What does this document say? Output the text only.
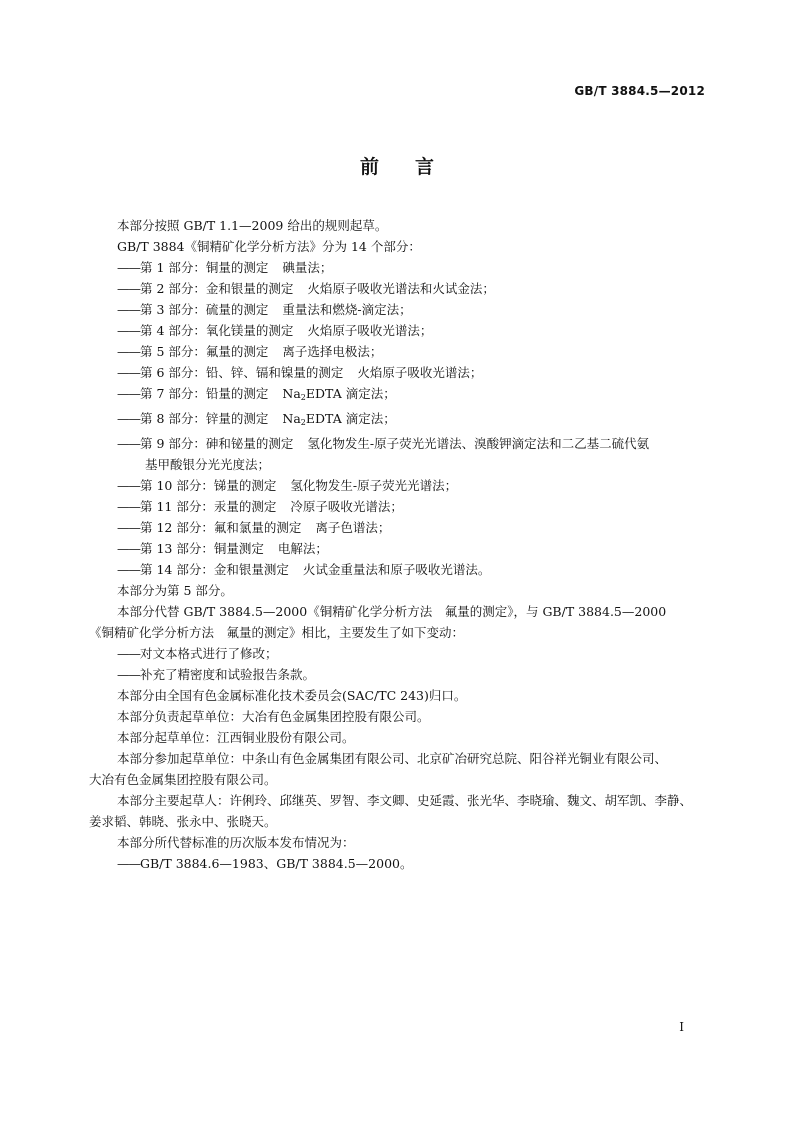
GB/T 3884.5—2012
前 言

本部分按照 GB/T 1.1—2009 给出的规则起草。

GB/T 3884《铜精矿化学分析方法》分为 14 个部分：

——第 1 部分：铜量的测定 碘量法；

——第 2 部分：金和银量的测定 火焰原子吸收光谱法和火试金法；

——第 3 部分：硫量的测定 重量法和燃烧-滴定法；

——第 4 部分：氧化镁量的测定 火焰原子吸收光谱法；

——第 5 部分：氟量的测定 离子选择电极法；

——第 6 部分：铅、锌、镉和镍量的测定 火焰原子吸收光谱法；

——第 7 部分：铅量的测定 $Na_2EDTA$ 滴定法；

——第 8 部分：锌量的测定 $Na_2EDTA$ 滴定法；

——第 9 部分：砷和铋量的测定 氢化物发生-原子荧光光谱法、溴酸钾滴定法和二乙基二硫代氨
基甲酸银分光光度法；

——第 10 部分：锑量的测定 氢化物发生-原子荧光光谱法；

——第 11 部分：汞量的测定 冷原子吸收光谱法；

——第 12 部分：氟和氯量的测定 离子色谱法；

——第 13 部分：铜量测定 电解法；

——第 14 部分：金和银量测定 火试金重量法和原子吸收光谱法。

本部分为第 5 部分。

本部分代替 GB/T 3884.5—2000《铜精矿化学分析方法　氟量的测定》，与 GB/T 3884.5—2000

《铜精矿化学分析方法　氟量的测定》相比，主要发生了如下变动：

——对文本格式进行了修改；

——补充了精密度和试验报告条款。

本部分由全国有色金属标准化技术委员会(SAC/TC 243)归口。

本部分负责起草单位：大冶有色金属集团控股有限公司。

本部分起草单位：江西铜业股份有限公司。

本部分参加起草单位：中条山有色金属集团有限公司、北京矿冶研究总院、阳谷祥光铜业有限公司、

大冶有色金属集团控股有限公司。

本部分主要起草人：许俐玲、邱继英、罗智、李文卿、史延霞、张光华、李晓瑜、魏文、胡军凯、李静、

姜求韬、韩晓、张永中、张晓天。

本部分所代替标准的历次版本发布情况为：

——GB/T 3884.6—1983、GB/T 3884.5—2000。

I
